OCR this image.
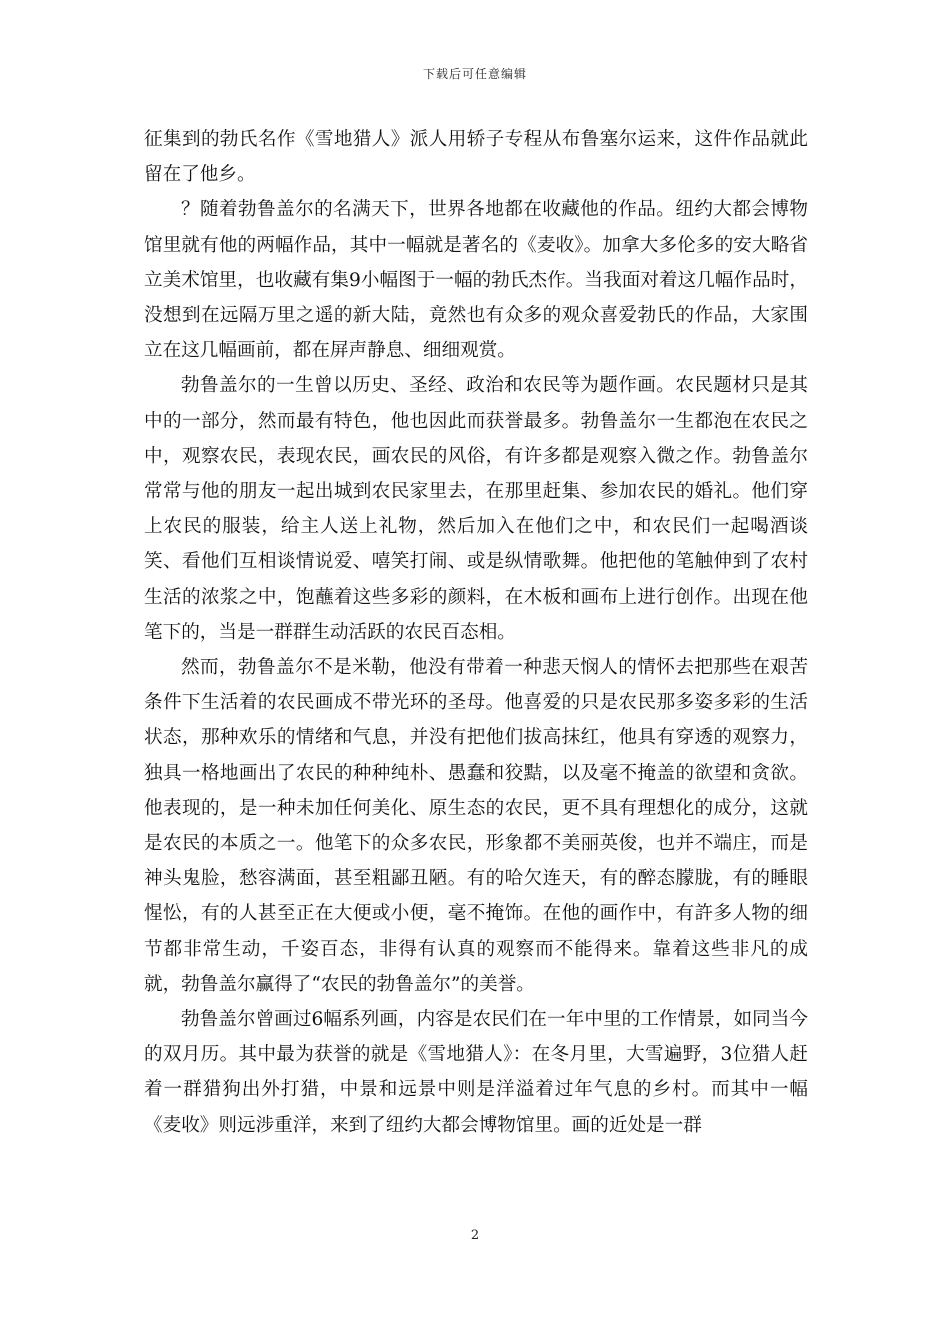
下载后可任意编辑

征集到的勃氏名作《雪地猎人》派人用轿子专程从布鲁塞尔运来，这件作品就此留在了他乡。

？随着勃鲁盖尔的名满天下，世界各地都在收藏他的作品。纽约大都会博物馆里就有他的两幅作品，其中一幅就是著名的《麦收》。加拿大多伦多的安大略省立美术馆里，也收藏有集9小幅图于一幅的勃氏杰作。当我面对着这几幅作品时，没想到在远隔万里之遥的新大陆，竟然也有众多的观众喜爱勃氏的作品，大家围立在这几幅画前，都在屏声静息、细细观赏。

勃鲁盖尔的一生曾以历史、圣经、政治和农民等为题作画。农民题材只是其中的一部分，然而最有特色，他也因此而获誉最多。勃鲁盖尔一生都泡在农民之中，观察农民，表现农民，画农民的风俗，有许多都是观察入微之作。勃鲁盖尔常常与他的朋友一起出城到农民家里去，在那里赶集、参加农民的婚礼。他们穿上农民的服装，给主人送上礼物，然后加入在他们之中，和农民们一起喝酒谈笑、看他们互相谈情说爱、嘻笑打闹、或是纵情歌舞。他把他的笔触伸到了农村生活的浓浆之中，饱蘸着这些多彩的颜料，在木板和画布上进行创作。出现在他笔下的，当是一群群生动活跃的农民百态相。

然而，勃鲁盖尔不是米勒，他没有带着一种悲天悯人的情怀去把那些在艰苦条件下生活着的农民画成不带光环的圣母。他喜爱的只是农民那多姿多彩的生活状态，那种欢乐的情绪和气息，并没有把他们拔高抹红，他具有穿透的观察力，独具一格地画出了农民的种种纯朴、愚蠢和狡黠，以及毫不掩盖的欲望和贪欲。他表现的，是一种未加任何美化、原生态的农民，更不具有理想化的成分，这就是农民的本质之一。他笔下的众多农民，形象都不美丽英俊，也并不端庄，而是神头鬼脸，愁容满面，甚至粗鄙丑陋。有的哈欠连天，有的醉态朦胧，有的睡眼惺忪，有的人甚至正在大便或小便，毫不掩饰。在他的画作中，有許多人物的细节都非常生动，千姿百态，非得有认真的观察而不能得来。靠着这些非凡的成就，勃鲁盖尔赢得了“农民的勃鲁盖尔”的美誉。

勃鲁盖尔曾画过6幅系列画，内容是农民们在一年中里的工作情景，如同当今的双月历。其中最为获誉的就是《雪地猎人》：在冬月里，大雪遍野，3位猎人赶着一群猎狗出外打猎，中景和远景中则是洋溢着过年气息的乡村。而其中一幅《麦收》则远涉重洋，来到了纽约大都会博物馆里。画的近处是一群

2
